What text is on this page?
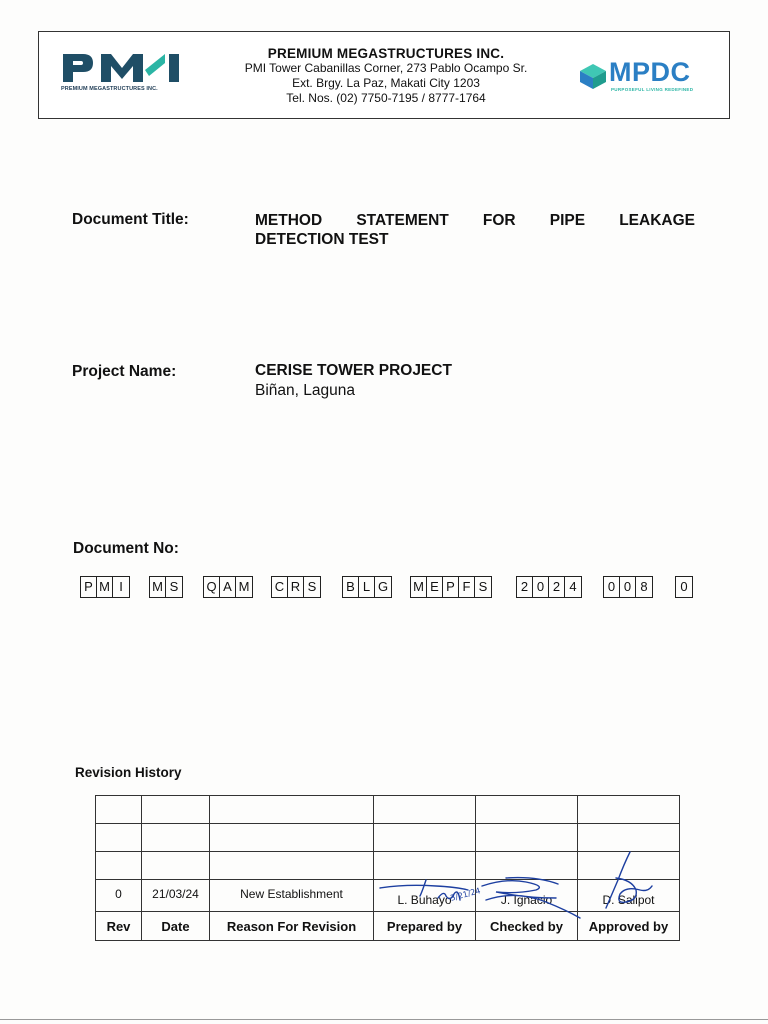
PREMIUM MEGASTRUCTURES INC.
PREMIUM MEGASTRUCTURES INC.
PMI Tower Cabanillas Corner, 273 Pablo Ocampo Sr.
Ext. Brgy. La Paz, Makati City 1203
Tel. Nos. (02) 7750-7195 / 8777-1764
MPDC
PURPOSEFUL LIVING REDEFINED
Document Title:	METHOD STATEMENT FOR PIPE LEAKAGE
DETECTION TEST
Project Name:	CERISE TOWER PROJECT
Biñan, Laguna
Document No:
P M I	M S Q A M C R S B L G M E P F S	2 0 2 4	0 0 8	0
Revision History

0	21/03/24	New Establishment	L. Buhayo	J. Ignacio	D. Salipot
Rev	Date	Reason For Revision	Prepared by	Checked by	Approved by
3/21/24
